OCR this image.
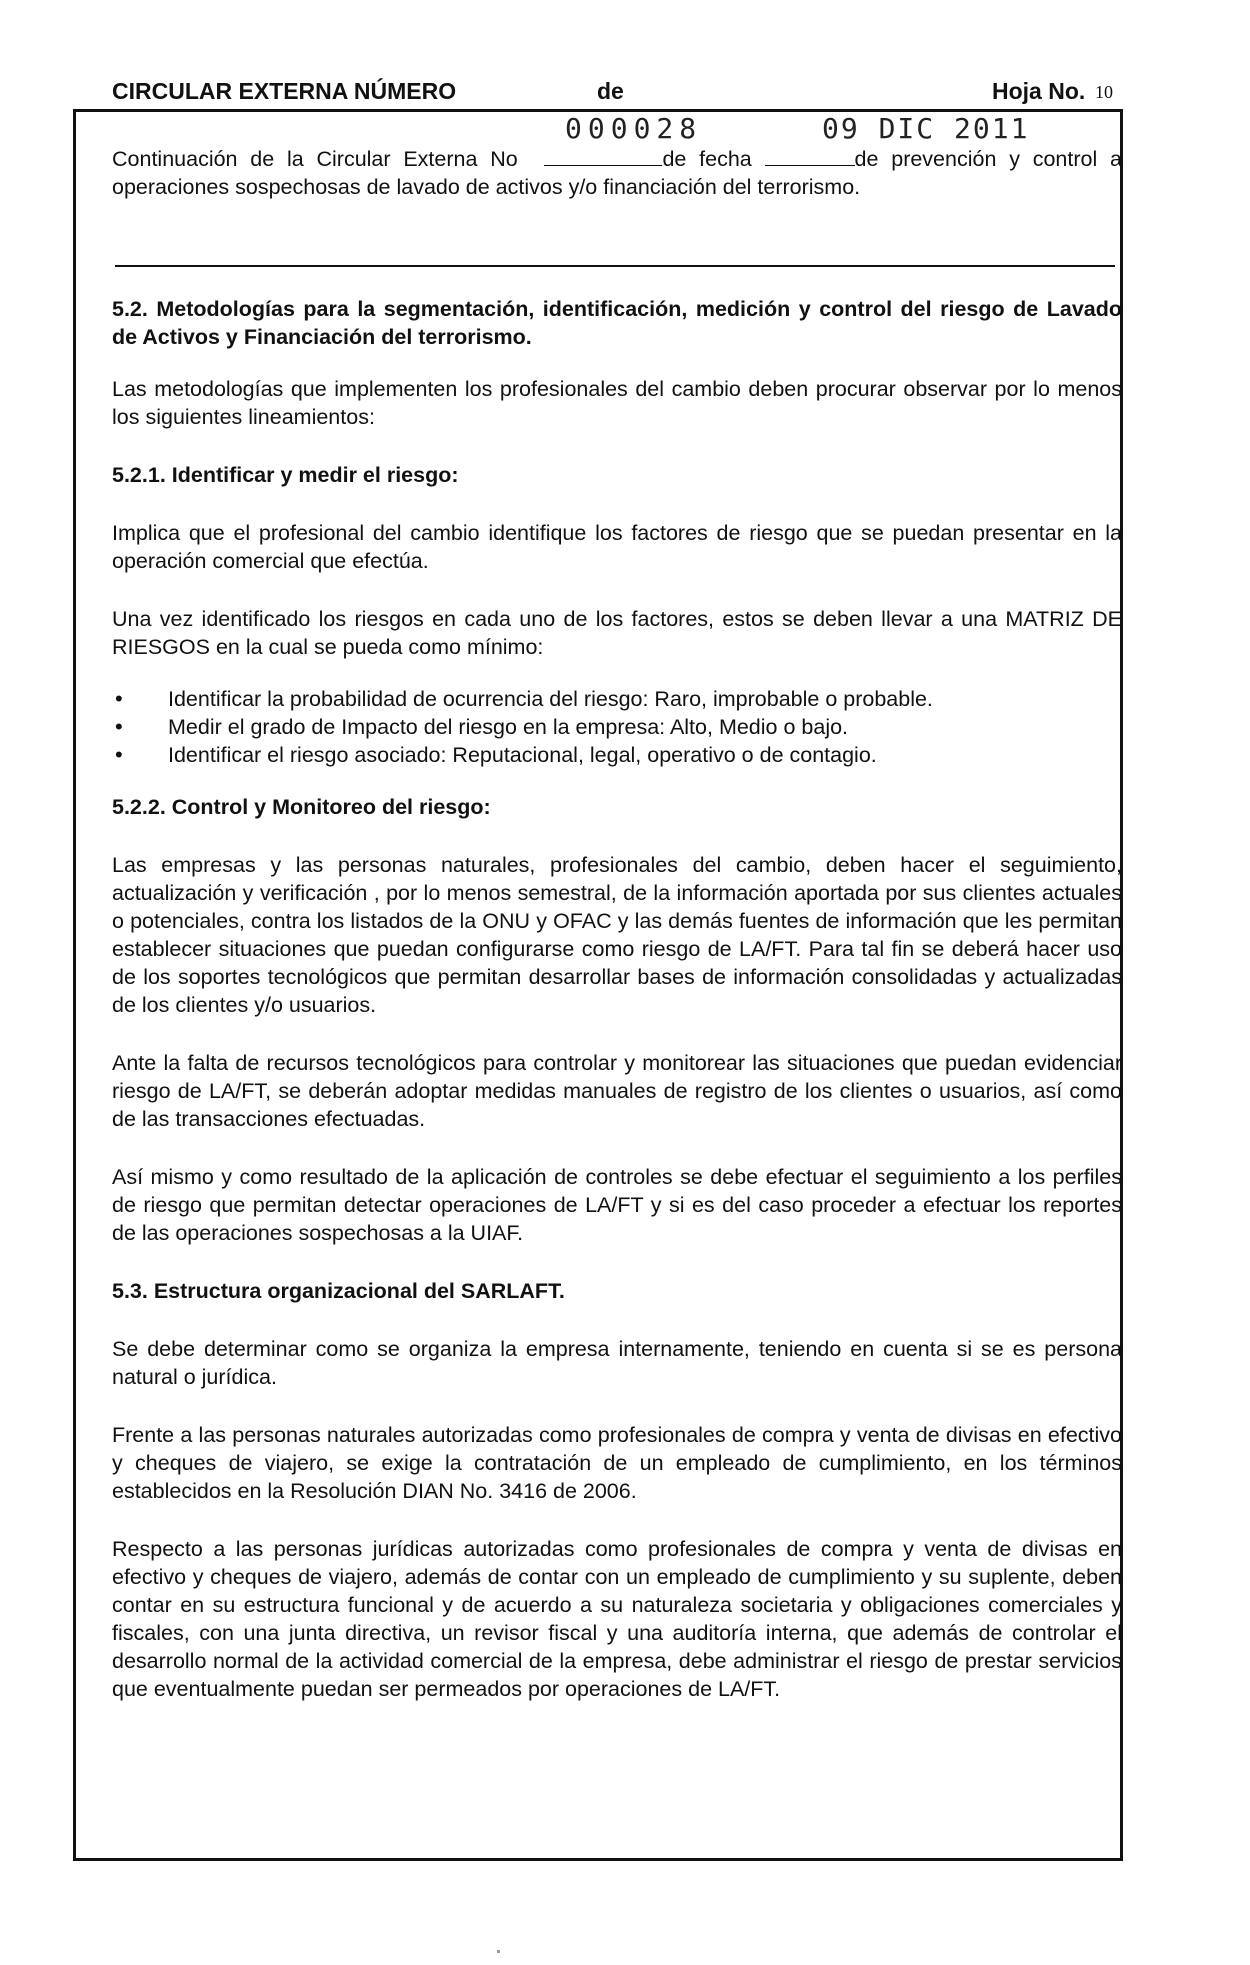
CIRCULAR EXTERNA NÚMERO	de	Hoja No. 10
000028	09 DIC 2011
Continuación de la Circular Externa No	de fecha	de prevención y control a operaciones sospechosas de lavado de activos y/o financiación del terrorismo.
5.2. Metodologías para la segmentación, identificación, medición y control del riesgo de Lavado de Activos y Financiación del terrorismo.

Las metodologías que implementen los profesionales del cambio deben procurar observar por lo menos los siguientes lineamientos:

5.2.1. Identificar y medir el riesgo:

Implica que el profesional del cambio identifique los factores de riesgo que se puedan presentar en la operación comercial que efectúa.

Una vez identificado los riesgos en cada uno de los factores, estos se deben llevar a una MATRIZ DE RIESGOS en la cual se pueda como mínimo:

• Identificar la probabilidad de ocurrencia del riesgo: Raro, improbable o probable.
• Medir el grado de Impacto del riesgo en la empresa: Alto, Medio o bajo.
• Identificar el riesgo asociado: Reputacional, legal, operativo o de contagio.
5.2.2. Control y Monitoreo del riesgo:

Las empresas y las personas naturales, profesionales del cambio, deben hacer el seguimiento, actualización y verificación , por lo menos semestral, de la información aportada por sus clientes actuales o potenciales, contra los listados de la ONU y OFAC y las demás fuentes de información que les permitan establecer situaciones que puedan configurarse como riesgo de LA/FT. Para tal fin se deberá hacer uso de los soportes tecnológicos que permitan desarrollar bases de información consolidadas y actualizadas de los clientes y/o usuarios.

Ante la falta de recursos tecnológicos para controlar y monitorear las situaciones que puedan evidenciar riesgo de LA/FT, se deberán adoptar medidas manuales de registro de los clientes o usuarios, así como de las transacciones efectuadas.

Así mismo y como resultado de la aplicación de controles se debe efectuar el seguimiento a los perfiles de riesgo que permitan detectar operaciones de LA/FT y si es del caso proceder a efectuar los reportes de las operaciones sospechosas a la UIAF.

5.3. Estructura organizacional del SARLAFT.

Se debe determinar como se organiza la empresa internamente, teniendo en cuenta si se es persona natural o jurídica.

Frente a las personas naturales autorizadas como profesionales de compra y venta de divisas en efectivo y cheques de viajero, se exige la contratación de un empleado de cumplimiento, en los términos establecidos en la Resolución DIAN No. 3416 de 2006.

Respecto a las personas jurídicas autorizadas como profesionales de compra y venta de divisas en efectivo y cheques de viajero, además de contar con un empleado de cumplimiento y su suplente, deben contar en su estructura funcional y de acuerdo a su naturaleza societaria y obligaciones comerciales y fiscales, con una junta directiva, un revisor fiscal y una auditoría interna, que además de controlar el desarrollo normal de la actividad comercial de la empresa, debe administrar el riesgo de prestar servicios que eventualmente puedan ser permeados por operaciones de LA/FT.
